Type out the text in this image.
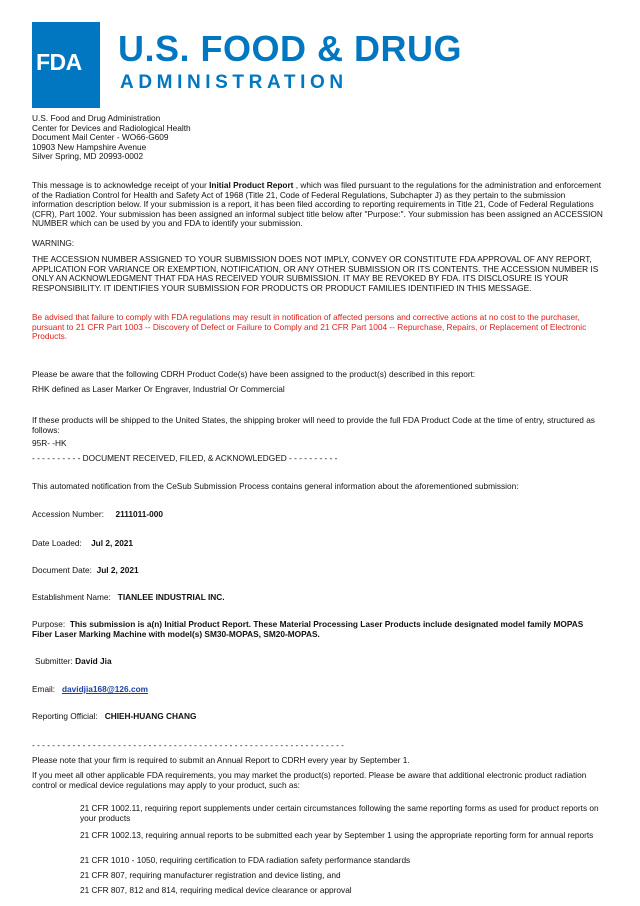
FDA U.S. FOOD & DRUG
ADMINISTRATION
U.S. Food and Drug Administration
Center for Devices and Radiological Health
Document Mail Center - WO66-G609
10903 New Hampshire Avenue
Silver Spring, MD 20993-0002
This message is to acknowledge receipt of your Initial Product Report , which was filed pursuant to the regulations for the administration and enforcement of the Radiation Control for Health and Safety Act of 1968 (Title 21, Code of Federal Regulations, Subchapter J) as they pertain to the submission information description below. If your submission is a report, it has been filed according to reporting requirements in Title 21, Code of Federal Regulations (CFR), Part 1002. Your submission has been assigned an informal subject title below after "Purpose:". Your submission has been assigned an ACCESSION NUMBER which can be used by you and FDA to identify your submission.
WARNING:
THE ACCESSION NUMBER ASSIGNED TO YOUR SUBMISSION DOES NOT IMPLY, CONVEY OR CONSTITUTE FDA APPROVAL OF ANY REPORT, APPLICATION FOR VARIANCE OR EXEMPTION, NOTIFICATION, OR ANY OTHER SUBMISSION OR ITS CONTENTS. THE ACCESSION NUMBER IS ONLY AN ACKNOWLEDGMENT THAT FDA HAS RECEIVED YOUR SUBMISSION. IT MAY BE REVOKED BY FDA. ITS DISCLOSURE IS YOUR RESPONSIBILITY. IT IDENTIFIES YOUR SUBMISSION FOR PRODUCTS OR PRODUCT FAMILIES IDENTIFIED IN THIS MESSAGE.
Be advised that failure to comply with FDA regulations may result in notification of affected persons and corrective actions at no cost to the purchaser, pursuant to 21 CFR Part 1003 -- Discovery of Defect or Failure to Comply and 21 CFR Part 1004 -- Repurchase, Repairs, or Replacement of Electronic Products.
Please be aware that the following CDRH Product Code(s) have been assigned to the product(s) described in this report:
RHK defined as Laser Marker Or Engraver, Industrial Or Commercial
If these products will be shipped to the United States, the shipping broker will need to provide the full FDA Product Code at the time of entry, structured as follows:
95R- -HK
- - - - - - - - - - DOCUMENT RECEIVED, FILED, & ACKNOWLEDGED - - - - - - - - - -
This automated notification from the CeSub Submission Process contains general information about the aforementioned submission:
Accession Number: 2111011-000
Date Loaded: Jul 2, 2021
Document Date: Jul 2, 2021
Establishment Name: TIANLEE INDUSTRIAL INC.
Purpose: This submission is a(n) Initial Product Report. These Material Processing Laser Products include designated model family MOPAS Fiber Laser Marking Machine with model(s) SM30-MOPAS, SM20-MOPAS.
Submitter: David Jia
Email: davidjia168@126.com
Reporting Official: CHIEH-HUANG CHANG
- - - - - - - - - - - - - - - - - - - - - - - - - - - - - - - - - - - - - - - - - - - - - - - - - - - - - - - - - - - - - -
Please note that your firm is required to submit an Annual Report to CDRH every year by September 1.
If you meet all other applicable FDA requirements, you may market the product(s) reported. Please be aware that additional electronic product radiation control or medical device regulations may apply to your product, such as:
21 CFR 1002.11, requiring report supplements under certain circumstances following the same reporting forms as used for product reports on your products
21 CFR 1002.13, requiring annual reports to be submitted each year by September 1 using the appropriate reporting form for annual reports
21 CFR 1010 - 1050, requiring certification to FDA radiation safety performance standards
21 CFR 807, requiring manufacturer registration and device listing, and
21 CFR 807, 812 and 814, requiring medical device clearance or approval
